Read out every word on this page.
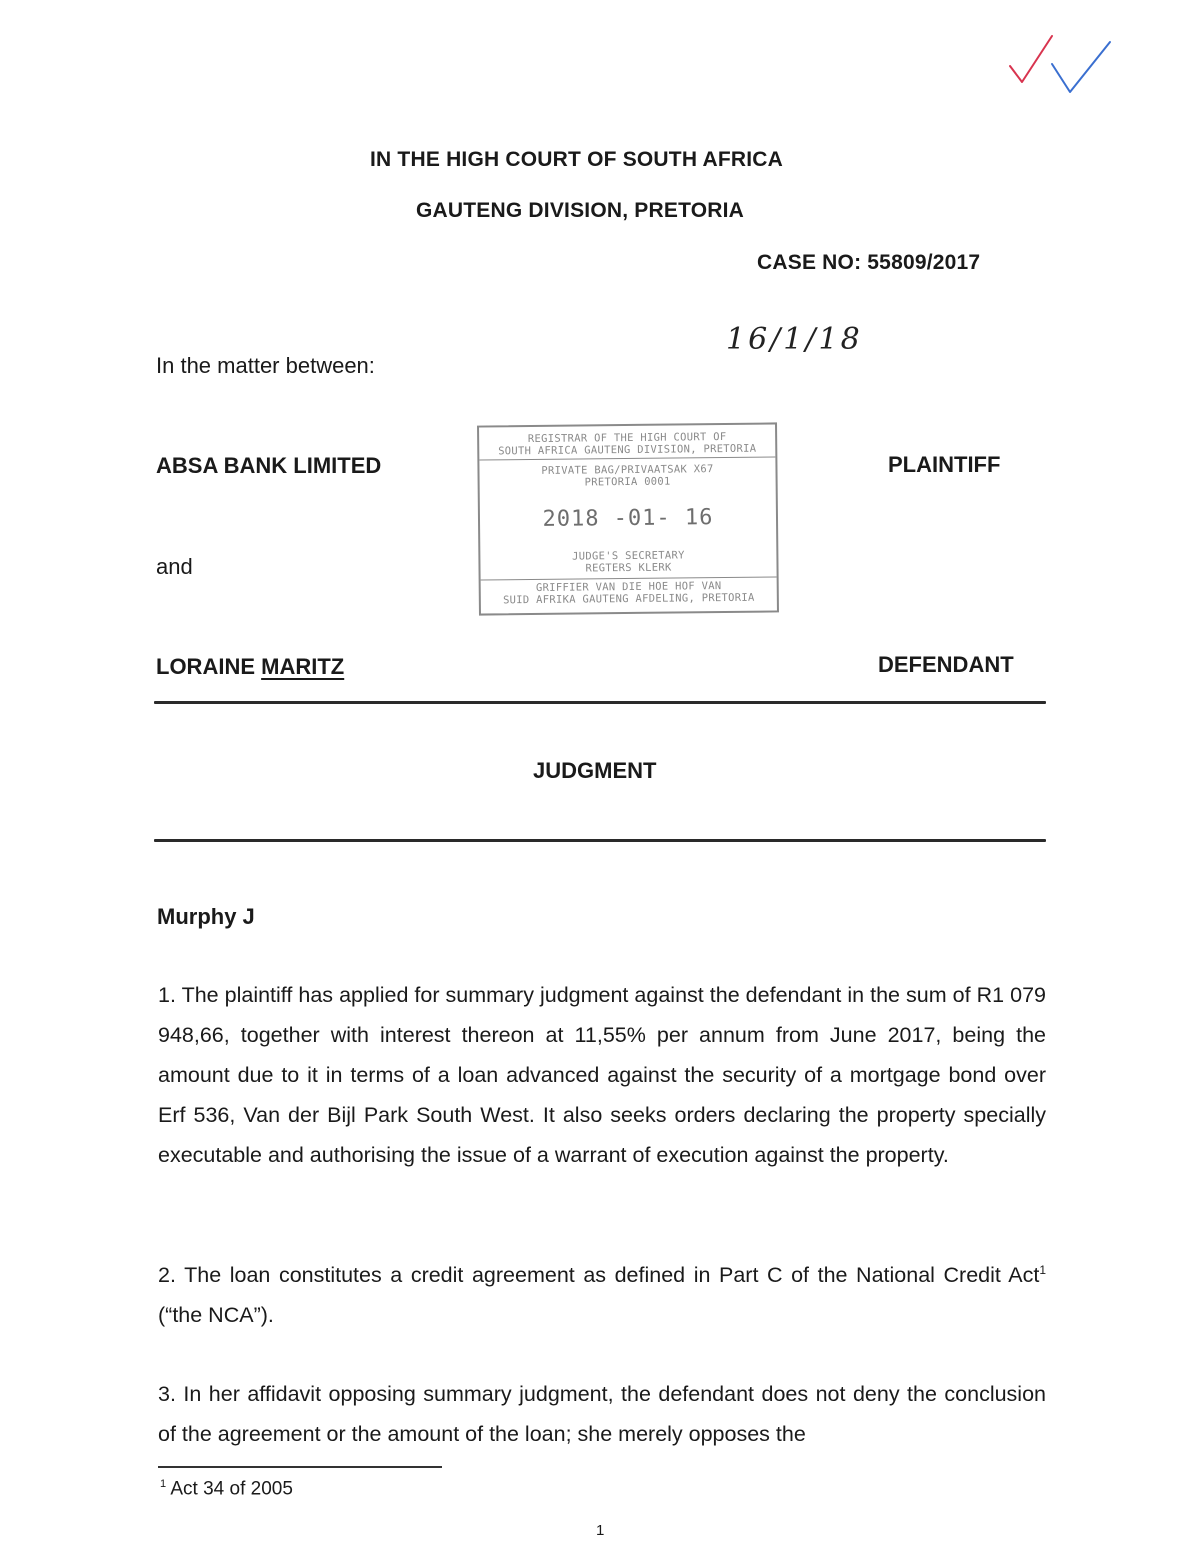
IN THE HIGH COURT OF SOUTH AFRICA
GAUTENG DIVISION, PRETORIA
CASE NO: 55809/2017
16/1/18
In the matter between:
REGISTRAR OF THE HIGH COURT OF
SOUTH AFRICA GAUTENG DIVISION, PRETORIA
PRIVATE BAG/PRIVAATSAK X67
PRETORIA 0001
2018 -01- 16
JUDGE'S SECRETARY
REGTERS KLERK
GRIFFIER VAN DIE HOE HOF VAN
SUID AFRIKA GAUTENG AFDELING, PRETORIA
ABSA BANK LIMITED	PLAINTIFF
and
LORAINE MARITZ	DEFENDANT
JUDGMENT
Murphy J
1. The plaintiff has applied for summary judgment against the defendant in the sum of R1 079 948,66, together with interest thereon at 11,55% per annum from June 2017, being the amount due to it in terms of a loan advanced against the security of a mortgage bond over Erf 536, Van der Bijl Park South West. It also seeks orders declaring the property specially executable and authorising the issue of a warrant of execution against the property.
2. The loan constitutes a credit agreement as defined in Part C of the National Credit Act$^1$ (“the NCA”).
3. In her affidavit opposing summary judgment, the defendant does not deny the conclusion of the agreement or the amount of the loan; she merely opposes the
$^1$ Act 34 of 2005
1
